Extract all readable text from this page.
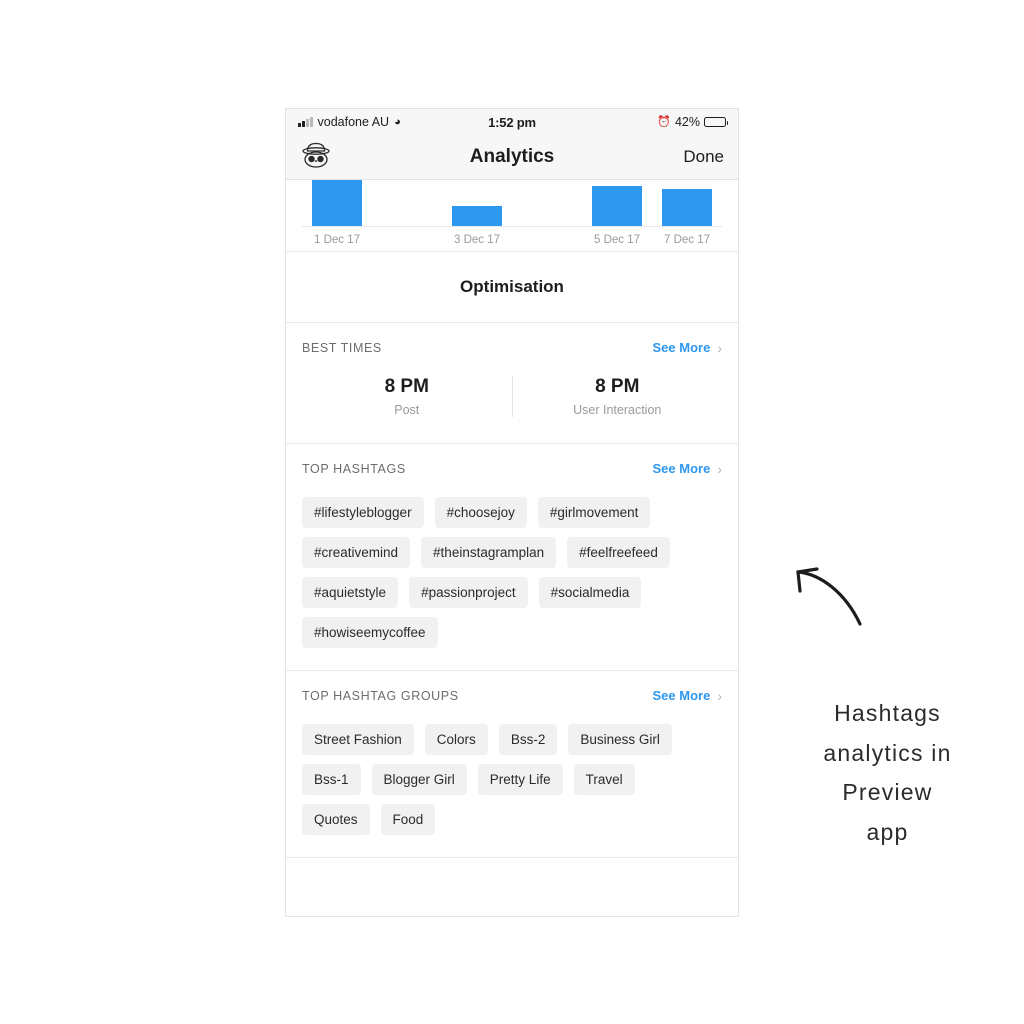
vodafone AU ◕	1:52 pm	⏰ 42%
Analytics	Done
1 Dec 17	3 Dec 17	5 Dec 17	7 Dec 17
Optimisation
BEST TIMES	See More ›
8 PM
Post
8 PM
User Interaction
TOP HASHTAGS	See More ›
#lifestyleblogger	#choosejoy	#girlmovement
#creativemind	#theinstagramplan	#feelfreefeed
#aquietstyle	#passionproject	#socialmedia
#howiseemycoffee
TOP HASHTAG GROUPS	See More ›
Street Fashion	Colors	Bss-2	Business Girl
Bss-1	Blogger Girl	Pretty Life	Travel
Quotes	Food
Hashtags
analytics in
Preview
app
